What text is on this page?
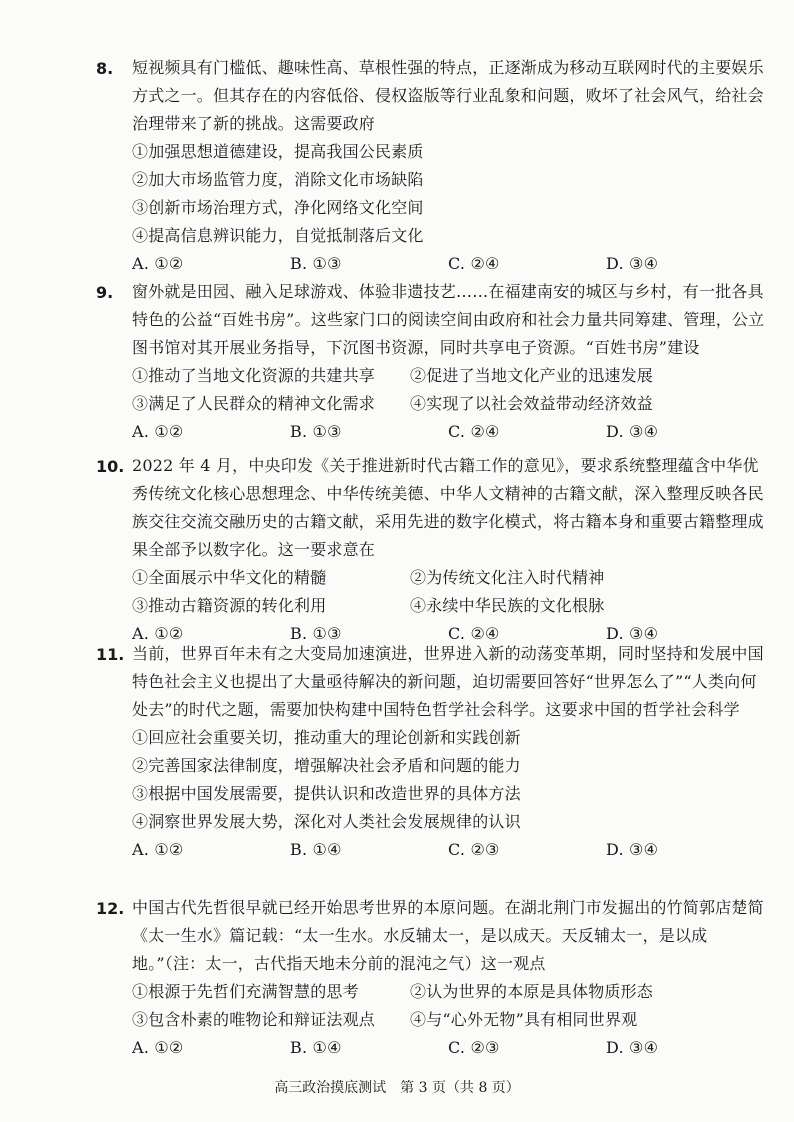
8. 短视频具有门槛低、趣味性高、草根性强的特点，正逐渐成为移动互联网时代的主要娱乐方式之一。但其存在的内容低俗、侵权盗版等行业乱象和问题，败坏了社会风气，给社会治理带来了新的挑战。这需要政府

①加强思想道德建设，提高我国公民素质
②加大市场监管力度，消除文化市场缺陷
③创新市场治理方式，净化网络文化空间
④提高信息辨识能力，自觉抵制落后文化
A. ①②	B. ①③	C. ②④	D. ③④
9. 窗外就是田园、融入足球游戏、体验非遗技艺……在福建南安的城区与乡村，有一批各具特色的公益“百姓书房”。这些家门口的阅读空间由政府和社会力量共同筹建、管理，公立图书馆对其开展业务指导，下沉图书资源，同时共享电子资源。“百姓书房”建设

①推动了当地文化资源的共建共享	②促进了当地文化产业的迅速发展
③满足了人民群众的精神文化需求	④实现了以社会效益带动经济效益
A. ①②	B. ①③	C. ②④	D. ③④
10. 2022 年 4 月，中央印发《关于推进新时代古籍工作的意见》，要求系统整理蕴含中华优秀传统文化核心思想理念、中华传统美德、中华人文精神的古籍文献，深入整理反映各民族交往交流交融历史的古籍文献，采用先进的数字化模式，将古籍本身和重要古籍整理成果全部予以数字化。这一要求意在

①全面展示中华文化的精髓	②为传统文化注入时代精神
③推动古籍资源的转化利用	④永续中华民族的文化根脉
A. ①②	B. ①③	C. ②④	D. ③④
11. 当前，世界百年未有之大变局加速演进，世界进入新的动荡变革期，同时坚持和发展中国特色社会主义也提出了大量亟待解决的新问题，迫切需要回答好“世界怎么了”“人类向何处去”的时代之题，需要加快构建中国特色哲学社会科学。这要求中国的哲学社会科学

①回应社会重要关切，推动重大的理论创新和实践创新
②完善国家法律制度，增强解决社会矛盾和问题的能力
③根据中国发展需要，提供认识和改造世界的具体方法
④洞察世界发展大势，深化对人类社会发展规律的认识
A. ①②	B. ①④	C. ②③	D. ③④
12. 中国古代先哲很早就已经开始思考世界的本原问题。在湖北荆门市发掘出的竹简郭店楚简《太一生水》篇记载：“太一生水。水反辅太一，是以成天。天反辅太一，是以成地。”（注：太一，古代指天地未分前的混沌之气）这一观点

①根源于先哲们充满智慧的思考	②认为世界的本原是具体物质形态
③包含朴素的唯物论和辩证法观点	④与“心外无物”具有相同世界观
A. ①②	B. ①④	C. ②③	D. ③④
高三政治摸底测试　第 3 页（共 8 页）
